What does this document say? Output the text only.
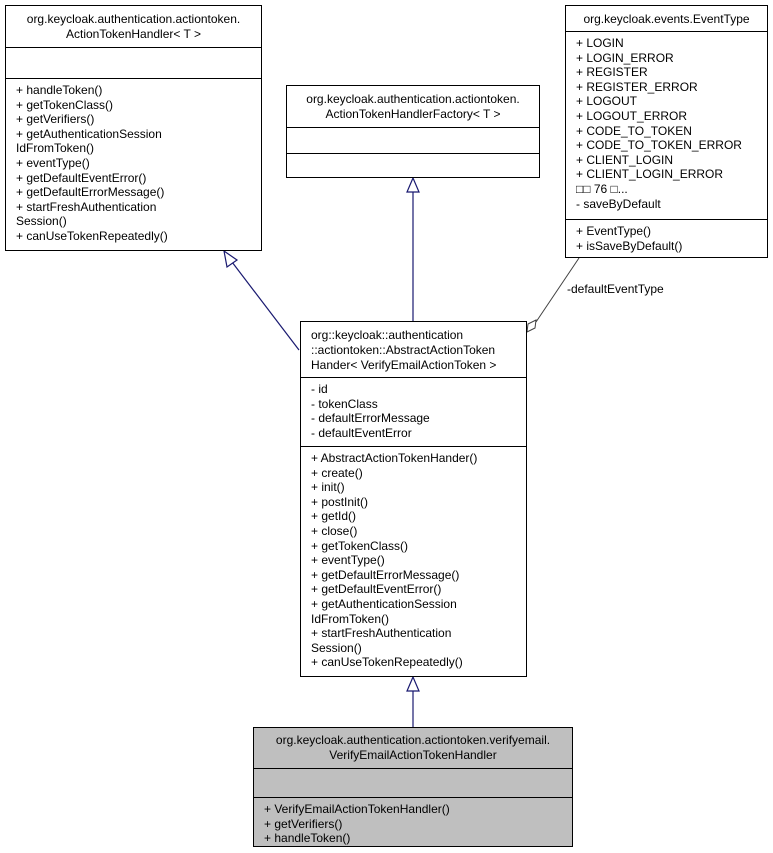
-defaultEventType
org.keycloak.authentication.actiontoken.
ActionTokenHandler< T >
+ handleToken()
+ getTokenClass()
+ getVerifiers()
+ getAuthenticationSession
IdFromToken()
+ eventType()
+ getDefaultEventError()
+ getDefaultErrorMessage()
+ startFreshAuthentication
Session()
+ canUseTokenRepeatedly()
org.keycloak.authentication.actiontoken.
ActionTokenHandlerFactory< T >
org.keycloak.events.EventType
+ LOGIN
+ LOGIN_ERROR
+ REGISTER
+ REGISTER_ERROR
+ LOGOUT
+ LOGOUT_ERROR
+ CODE_TO_TOKEN
+ CODE_TO_TOKEN_ERROR
+ CLIENT_LOGIN
+ CLIENT_LOGIN_ERROR
□□ 76 □...
- saveByDefault
+ EventType()
+ isSaveByDefault()
org::keycloak::authentication
::actiontoken::AbstractActionToken
Hander< VerifyEmailActionToken >
- id
- tokenClass
- defaultErrorMessage
- defaultEventError
+ AbstractActionTokenHander()
+ create()
+ init()
+ postInit()
+ getId()
+ close()
+ getTokenClass()
+ eventType()
+ getDefaultErrorMessage()
+ getDefaultEventError()
+ getAuthenticationSession
IdFromToken()
+ startFreshAuthentication
Session()
+ canUseTokenRepeatedly()
org.keycloak.authentication.actiontoken.verifyemail.
VerifyEmailActionTokenHandler
+ VerifyEmailActionTokenHandler()
+ getVerifiers()
+ handleToken()
